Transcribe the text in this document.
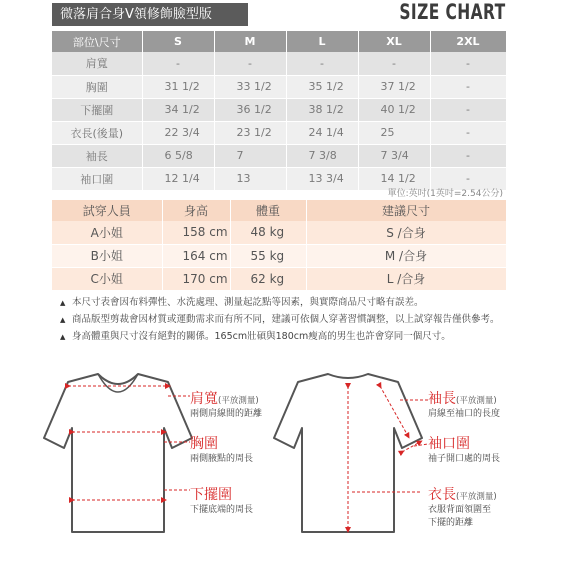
微落肩合身V領修飾臉型版	SIZE CHART
部位\尺寸	S	M	L	XL	2XL
肩寬	-	-	-	-	-
胸圍	31 1/2	33 1/2	35 1/2	37 1/2	-
下擺圍	34 1/2	36 1/2	38 1/2	40 1/2	-
衣長(後量)	22 3/4	23 1/2	24 1/4	25	-
袖長	6 5/8	7	7 3/8	7 3/4	-
袖口圍	12 1/4	13	13 3/4	14 1/2	-
單位:英吋(1英吋=2.54公分)
試穿人員	身高	體重	建議尺寸
A小姐	158 cm	48 kg	S /合身
B小姐	164 cm	55 kg	M /合身
C小姐	170 cm	62 kg	L /合身
▲ 本尺寸表會因布料彈性、水洗處理、測量起訖點等因素，與實際商品尺寸略有誤差。
▲ 商品版型剪裁會因材質或運動需求而有所不同，建議可依個人穿著習慣調整，以上試穿報告僅供參考。
▲ 身高體重與尺寸沒有絕對的關係。165cm壯碩與180cm瘦高的男生也許會穿同一個尺寸。
肩寬(平放測量)
兩側肩線間的距離
胸圍
兩側腋點的周長
下擺圍
下擺底端的周長
袖長(平放測量)
肩線至袖口的長度
袖口圍
袖子開口處的周長
衣長(平放測量)
衣服背面領圍至
下擺的距離
